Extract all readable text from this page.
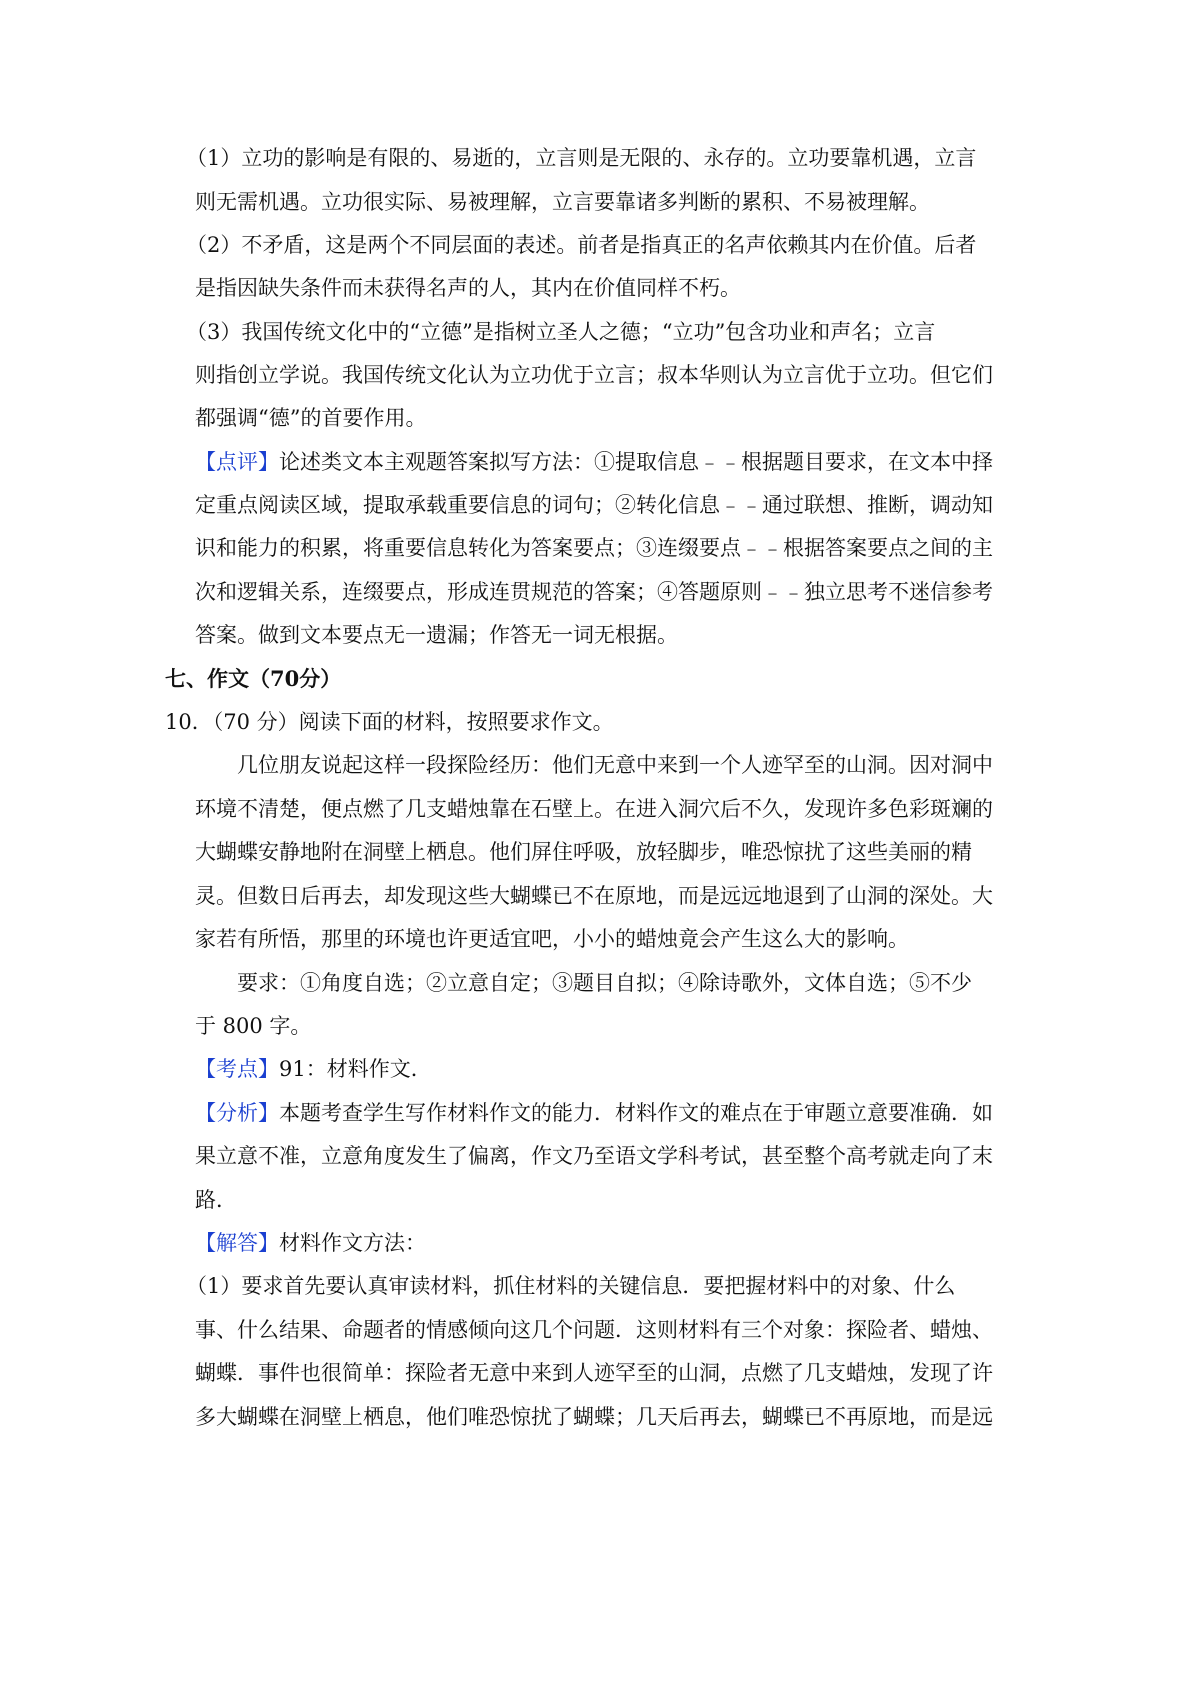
（1）立功的影响是有限的、易逝的，立言则是无限的、永存的。立功要靠机遇，立言
则无需机遇。立功很实际、易被理解，立言要靠诸多判断的累积、不易被理解。
（2）不矛盾，这是两个不同层面的表述。前者是指真正的名声依赖其内在价值。后者
是指因缺失条件而未获得名声的人，其内在价值同样不朽。
（3）我国传统文化中的“立德”是指树立圣人之德；“立功”包含功业和声名；立言
则指创立学说。我国传统文化认为立功优于立言；叔本华则认为立言优于立功。但它们
都强调“德”的首要作用。
【点评】论述类文本主观题答案拟写方法：①提取信息﹣﹣根据题目要求，在文本中择
定重点阅读区域，提取承载重要信息的词句；②转化信息﹣﹣通过联想、推断，调动知
识和能力的积累，将重要信息转化为答案要点；③连缀要点﹣﹣根据答案要点之间的主
次和逻辑关系，连缀要点，形成连贯规范的答案；④答题原则﹣﹣独立思考不迷信参考
答案。做到文本要点无一遗漏；作答无一词无根据。
七、作文（70分）
10．（70 分）阅读下面的材料，按照要求作文。
几位朋友说起这样一段探险经历：他们无意中来到一个人迹罕至的山洞。因对洞中
环境不清楚，便点燃了几支蜡烛靠在石壁上。在进入洞穴后不久，发现许多色彩斑斓的
大蝴蝶安静地附在洞壁上栖息。他们屏住呼吸，放轻脚步，唯恐惊扰了这些美丽的精
灵。但数日后再去，却发现这些大蝴蝶已不在原地，而是远远地退到了山洞的深处。大
家若有所悟，那里的环境也许更适宜吧，小小的蜡烛竟会产生这么大的影响。
要求：①角度自选；②立意自定；③题目自拟；④除诗歌外，文体自选；⑤不少
于 800 字。
【考点】91：材料作文．
【分析】本题考查学生写作材料作文的能力．材料作文的难点在于审题立意要准确．如
果立意不准，立意角度发生了偏离，作文乃至语文学科考试，甚至整个高考就走向了末
路．
【解答】材料作文方法：
（1）要求首先要认真审读材料，抓住材料的关键信息．要把握材料中的对象、什么
事、什么结果、命题者的情感倾向这几个问题．这则材料有三个对象：探险者、蜡烛、
蝴蝶．事件也很简单：探险者无意中来到人迹罕至的山洞，点燃了几支蜡烛，发现了许
多大蝴蝶在洞壁上栖息，他们唯恐惊扰了蝴蝶；几天后再去，蝴蝶已不再原地，而是远
